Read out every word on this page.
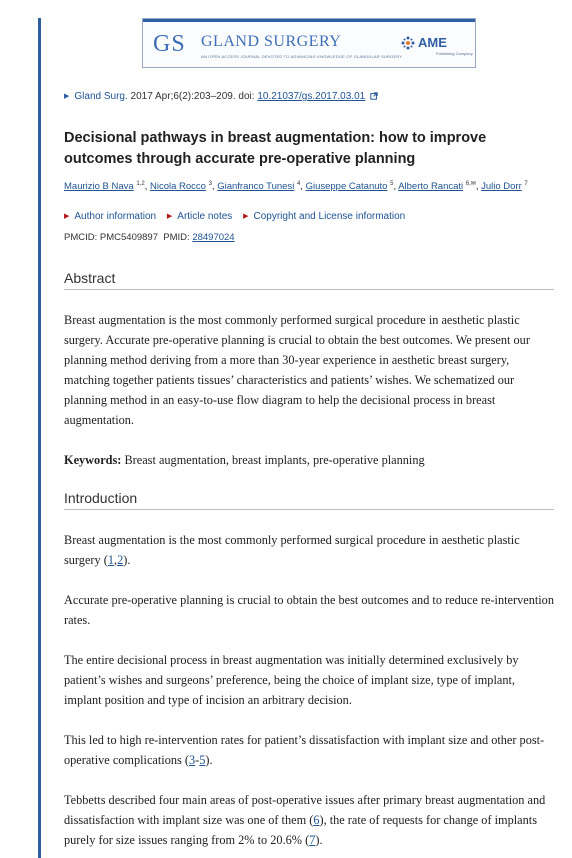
GS GLAND SURGERY
AN OPEN ACCESS JOURNAL DEVOTED TO ADVANCING KNOWLEDGE OF GLANDULAR SURGERY
AME
Publishing Company
▶ Gland Surg. 2017 Apr;6(2):203–209. doi: 10.21037/gs.2017.03.01
Decisional pathways in breast augmentation: how to improve outcomes through accurate pre-operative planning
Maurizio B Nava $^{1,2}$, Nicola Rocco $^3$, Gianfranco Tunesi $^4$, Giuseppe Catanuto $^5$, Alberto Rancati $^{6,✉}$, Julio Dorr $^7$
▶ Author information ▶ Article notes ▶ Copyright and License information
PMCID: PMC5409897 PMID: 28497024
Abstract
Breast augmentation is the most commonly performed surgical procedure in aesthetic plastic surgery. Accurate pre-operative planning is crucial to obtain the best outcomes. We present our planning method deriving from a more than 30-year experience in aesthetic breast surgery, matching together patients tissues’ characteristics and patients’ wishes. We schematized our planning method in an easy-to-use flow diagram to help the decisional process in breast augmentation.
Keywords: Breast augmentation, breast implants, pre-operative planning
Introduction
Breast augmentation is the most commonly performed surgical procedure in aesthetic plastic surgery (1,2).
Accurate pre-operative planning is crucial to obtain the best outcomes and to reduce re-intervention rates.
The entire decisional process in breast augmentation was initially determined exclusively by patient’s wishes and surgeons’ preference, being the choice of implant size, type of implant, implant position and type of incision an arbitrary decision.
This led to high re-intervention rates for patient’s dissatisfaction with implant size and other post-operative complications (3-5).
Tebbetts described four main areas of post-operative issues after primary breast augmentation and dissatisfaction with implant size was one of them (6), the rate of requests for change of implants purely for size issues ranging from 2% to 20.6% (7).
